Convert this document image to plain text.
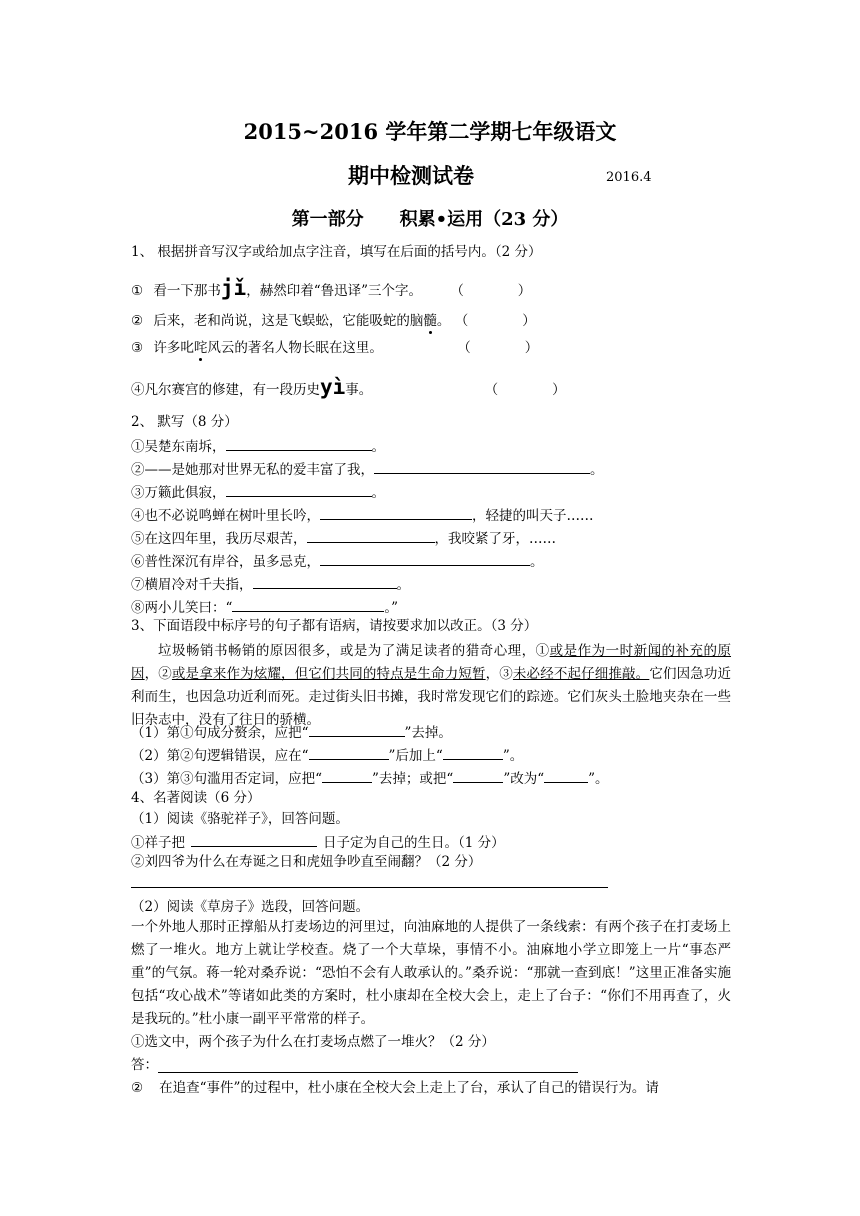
2015~2016 学年第二学期七年级语文
期中检测试卷	2016.4
第一部分　　积累•运用（23 分）
1、 根据拼音写汉字或给加点字注音，填写在后面的括号内。（2 分）
① 看一下那书jǐ，赫然印着“鲁迅译”三个字。 （　　　　）
② 后来，老和尚说，这是飞蜈蚣，它能吸蛇的脑髓。 （　　　　）
③ 许多叱咤风云的著名人物长眠在这里。	（　　　　）
④凡尔赛宫的修建，有一段历史yì事。	（　　　　）
2、 默写（8 分）
①吴楚东南坼，	。
②——是她那对世界无私的爱丰富了我，	。
③万籁此俱寂，	。
④也不必说鸣蝉在树叶里长吟，	，轻捷的叫天子……
⑤在这四年里，我历尽艰苦，	，我咬紧了牙，……
⑥普性深沉有岸谷，虽多忌克，	。
⑦横眉冷对千夫指，	。
⑧两小儿笑曰：“	。”
3、下面语段中标序号的句子都有语病，请按要求加以改正。（3 分）
垃圾畅销书畅销的原因很多，或是为了满足读者的猎奇心理，①或是作为一时新闻的补充的原因，②或是拿来作为炫耀，但它们共同的特点是生命力短暂，③未必经不起仔细推敲。它们因急功近利而生，也因急功近利而死。走过街头旧书摊，我时常发现它们的踪迹。它们灰头土脸地夹杂在一些旧杂志中，没有了往日的骄横。
（1）第①句成分赘余，应把“	”去掉。
（2）第②句逻辑错误，应在“	”后加上“	”。
（3）第③句滥用否定词，应把“	”去掉；或把“	”改为“	”。
4、名著阅读（6 分）
（1）阅读《骆驼祥子》，回答问题。
①祥子把	日子定为自己的生日。（1 分）
②刘四爷为什么在寿诞之日和虎妞争吵直至闹翻？（2 分）
（2）阅读《草房子》选段，回答问题。
一个外地人那时正撑船从打麦场边的河里过，向油麻地的人提供了一条线索：有两个孩子在打麦场上燃了一堆火。地方上就让学校查。烧了一个大草垛，事情不小。油麻地小学立即笼上一片“事态严重”的气氛。蒋一轮对桑乔说：“恐怕不会有人敢承认的。”桑乔说：“那就一查到底！”这里正准备实施包括“攻心战术”等诸如此类的方案时，杜小康却在全校大会上，走上了台子：“你们不用再查了，火是我玩的。”杜小康一副平平常常的样子。
①选文中，两个孩子为什么在打麦场点燃了一堆火？（2 分）
答：
② 在追查“事件”的过程中，杜小康在全校大会上走上了台，承认了自己的错误行为。请
